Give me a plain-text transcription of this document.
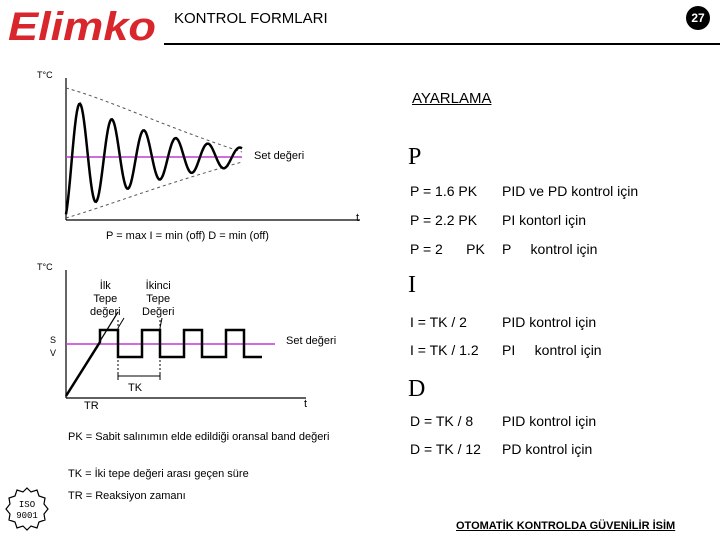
Elimko KONTROL FORMLARI	27
T°C
Set değeri
t
P = max I = min (off) D = min (off)
T°C
İlk
Tepe
değeri
İkinci
Tepe
Değeri
S
V
Set değeri
TK
TR	t
PK = Sabit salınımın elde edildiği oransal band değeri
TK = İki tepe değeri arası geçen süre
TR = Reaksiyon zamanı
AYARLAMA
P
P = 1.6 PK PID ve PD kontrol için
P = 2.2 PK PI kontorl için
P = 2      PK P     kontrol için
I
I = TK / 2	PID kontrol için
I = TK / 1.2 PI     kontrol için
D
D = TK / 8 PID kontrol için
D = TK / 12 PD kontrol için
ISO
9001
OTOMATİK KONTROLDA GÜVENİLİR İSİM
